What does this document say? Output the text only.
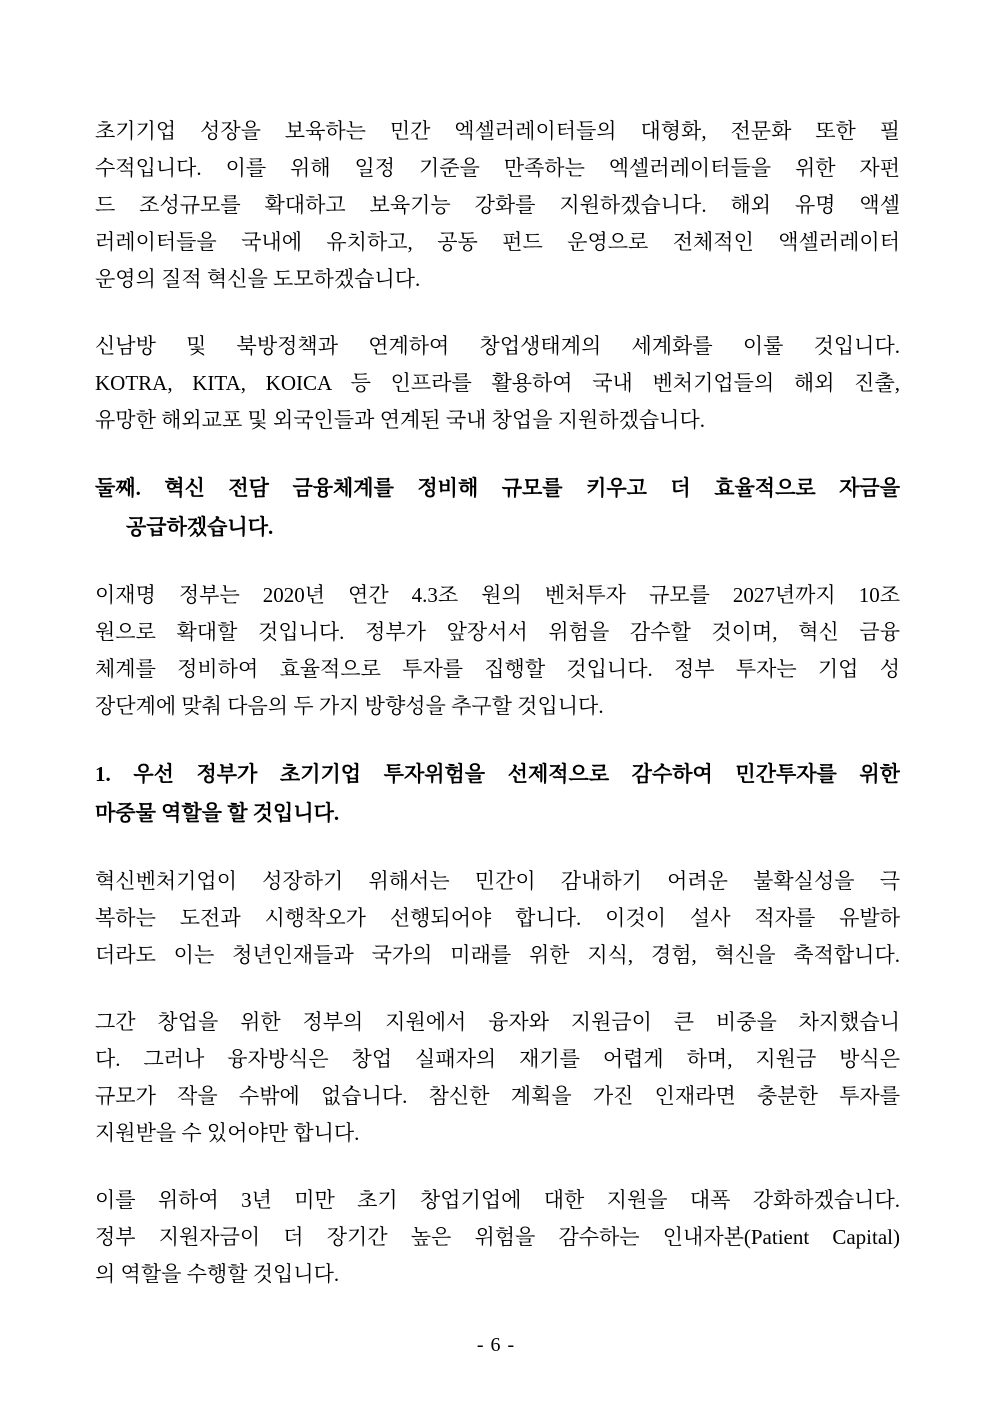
초기기업 성장을 보육하는 민간 엑셀러레이터들의 대형화, 전문화 또한 필
수적입니다. 이를 위해 일정 기준을 만족하는 엑셀러레이터들을 위한 자펀
드 조성규모를 확대하고 보육기능 강화를 지원하겠습니다. 해외 유명 액셀
러레이터들을 국내에 유치하고, 공동 펀드 운영으로 전체적인 액셀러레이터
운영의 질적 혁신을 도모하겠습니다.
신남방 및 북방정책과 연계하여 창업생태계의 세계화를 이룰 것입니다.
KOTRA, KITA, KOICA 등 인프라를 활용하여 국내 벤처기업들의 해외 진출,
유망한 해외교포 및 외국인들과 연계된 국내 창업을 지원하겠습니다.
둘째. 혁신 전담 금융체계를 정비해 규모를 키우고 더 효율적으로 자금을
공급하겠습니다.
이재명 정부는 2020년 연간 4.3조 원의 벤처투자 규모를 2027년까지 10조
원으로 확대할 것입니다. 정부가 앞장서서 위험을 감수할 것이며, 혁신 금융
체계를 정비하여 효율적으로 투자를 집행할 것입니다. 정부 투자는 기업 성
장단계에 맞춰 다음의 두 가지 방향성을 추구할 것입니다.
1. 우선 정부가 초기기업 투자위험을 선제적으로 감수하여 민간투자를 위한
마중물 역할을 할 것입니다.
혁신벤처기업이 성장하기 위해서는 민간이 감내하기 어려운 불확실성을 극
복하는 도전과 시행착오가 선행되어야 합니다. 이것이 설사 적자를 유발하
더라도 이는 청년인재들과 국가의 미래를 위한 지식, 경험, 혁신을 축적합니다.
그간 창업을 위한 정부의 지원에서 융자와 지원금이 큰 비중을 차지했습니
다. 그러나 융자방식은 창업 실패자의 재기를 어렵게 하며, 지원금 방식은
규모가 작을 수밖에 없습니다. 참신한 계획을 가진 인재라면 충분한 투자를
지원받을 수 있어야만 합니다.
이를 위하여 3년 미만 초기 창업기업에 대한 지원을 대폭 강화하겠습니다.
정부 지원자금이 더 장기간 높은 위험을 감수하는 인내자본(Patient Capital)
의 역할을 수행할 것입니다.
- 6 -
